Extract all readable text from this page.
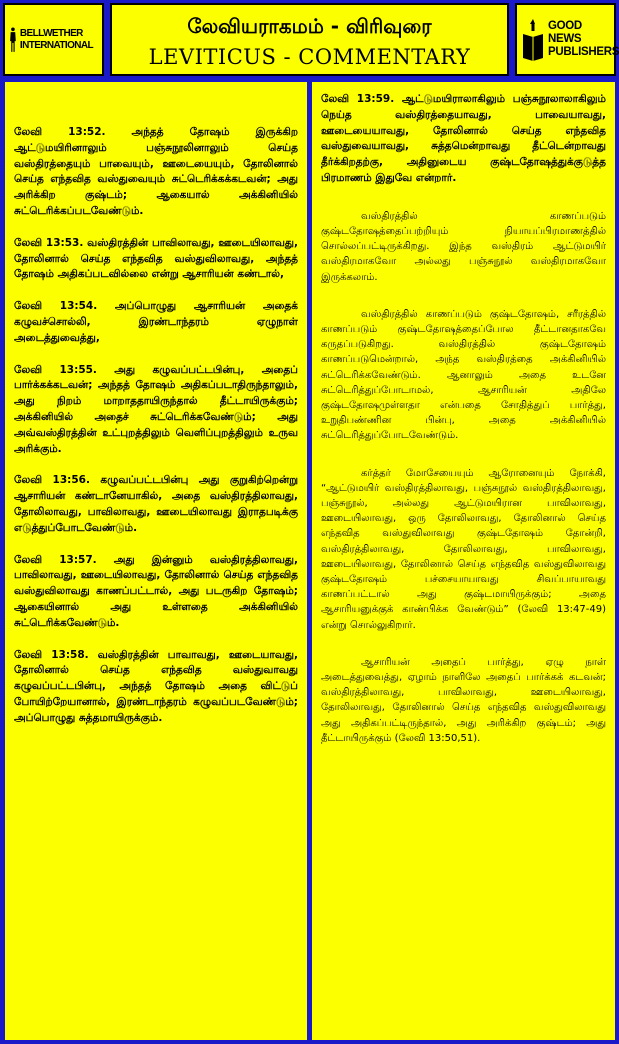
BELLWETHER INTERNATIONAL
லேவியராகமம் - விரிவுரை
LEVITICUS - COMMENTARY
GOOD NEWS PUBLISHERS

லேவி 13:52. அந்தத் தோஷம் இருக்கிற ஆட்டுமயிரினாலும் பஞ்சுநூலினாலும் செய்த வஸ்திரத்தையும் பாவையும், ஊடையையும், தோலினால் செய்த எந்தவித வஸ்துவையும் சுட்டெரிக்கக்கடவன்; அது அரிக்கிற குஷ்டம்; ஆகையால் அக்கினியில் சுட்டெரிக்கப்படவேண்டும்.

லேவி 13:53. வஸ்திரத்தின் பாவிலாவது, ஊடையிலாவது, தோலினால் செய்த எந்தவித வஸ்துவிலாவது, அந்தத் தோஷம் அதிகப்படவில்லை என்று ஆசாரியன் கண்டால்,

லேவி 13:54. அப்பொழுது ஆசாரியன் அதைக் கழுவச்சொல்லி, இரண்டாந்தரம் ஏழுநாள் அடைத்துவைத்து,

லேவி 13:55. அது கழுவப்பட்டபின்பு, அதைப் பார்க்கக்கடவன்; அந்தத் தோஷம் அதிகப்படாதிருந்தாலும், அது நிறம் மாறாததாயிருந்தால் தீட்டாயிருக்கும்; அக்கினியில் அதைச் சுட்டெரிக்கவேண்டும்; அது அவ்வஸ்திரத்தின் உட்புறத்திலும் வெளிப்புறத்திலும் உருவ அரிக்கும்.

லேவி 13:56. கழுவப்பட்டபின்பு அது குறுகிற்றென்று ஆசாரியன் கண்டானேயாகில், அதை வஸ்திரத்திலாவது, தோலிலாவது, பாவிலாவது, ஊடையிலாவது இராதபடிக்கு எடுத்துப்போடவேண்டும்.

லேவி 13:57. அது இன்னும் வஸ்திரத்திலாவது, பாவிலாவது, ஊடையிலாவது, தோலினால் செய்த எந்தவித வஸ்துவிலாவது காணப்பட்டால், அது படருகிற தோஷம்; ஆகையினால் அது உள்ளதை அக்கினியில் சுட்டெரிக்கவேண்டும்.

லேவி 13:58. வஸ்திரத்தின் பாவாவது, ஊடையாவது, தோலினால் செய்த எந்தவித வஸ்துவாவது கழுவப்பட்டபின்பு, அந்தத் தோஷம் அதை விட்டுப் போயிற்றேயானால், இரண்டாந்தரம் கழுவப்படவேண்டும்; அப்பொழுது சுத்தமாயிருக்கும்.

லேவி 13:59. ஆட்டுமயிராலாகிலும் பஞ்சுநூலாலாகிலும் நெய்த வஸ்திரத்தையாவது, பாவையாவது, ஊடையையாவது, தோலினால் செய்த எந்தவித வஸ்துவையாவது, சுத்தமென்றாவது தீட்டென்றாவது தீர்க்கிறதற்கு, அதினுடைய குஷ்டதோஷத்துக்குடுத்த பிரமாணம் இதுவே என்றார்.

வஸ்திரத்தில் காணப்படும் குஷ்டதோஷத்தைப்பற்றியும் நியாயப்பிரமாணத்தில் சொல்லப்பட்டிருக்கிறது. இந்த வஸ்திரம் ஆட்டுமயிர் வஸ்திரமாகவோ அல்லது பஞ்சுநூல் வஸ்திரமாகவோ இருக்கலாம்.

வஸ்திரத்தில் காணப்படும் குஷ்டதோஷம், சரீரத்தில் காணப்படும் குஷ்டதோஷத்தைப்போல தீட்டானதாகவே கருதப்படுகிறது. வஸ்திரத்தில் குஷ்டதோஷம் காணப்படுமென்றால், அந்த வஸ்திரத்தை அக்கினியில் சுட்டெரிக்கவேண்டும். ஆனாலும் அதை உடனே சுட்டெரித்துப்போடாமல், ஆசாரியன் அதிலே குஷ்டதோஷமுள்ளதா என்பதை சோதித்துப் பார்த்து, உறுதிபண்ணின பின்பு, அதை அக்கினியில் சுட்டெரித்துப்போடவேண்டும்.

கர்த்தர் மோசேயையும் ஆரோனையும் நோக்கி, “ஆட்டுமயிர் வஸ்திரத்திலாவது, பஞ்சுநூல் வஸ்திரத்திலாவது, பஞ்சுநூல், அல்லது ஆட்டுமயிரான பாவிலாவது, ஊடையிலாவது, ஒரு தோலிலாவது, தோலினால் செய்த எந்தவித வஸ்துவிலாவது குஷ்டதோஷம் தோன்றி, வஸ்திரத்திலாவது, தோலிலாவது, பாவிலாவது, ஊடையிலாவது, தோலினால் செய்த எந்தவித வஸ்துவிலாவது குஷ்டதோஷம் பச்சையாயாவது சிவப்பாயாவது காணப்பட்டால் அது குஷ்டமாயிருக்கும்; அதை ஆசாரியனுக்குக் காண்பிக்க வேண்டும்” (லேவி 13:47-49) என்று சொல்லுகிறார்.

ஆசாரியன் அதைப் பார்த்து, ஏழு நாள் அடைத்துவைத்து, ஏழாம் நாளிலே அதைப் பார்க்கக் கடவன்; வஸ்திரத்திலாவது, பாவிலாவது, ஊடையிலாவது, தோலிலாவது, தோலினால் செய்த எந்தவித வஸ்துவிலாவது அது அதிகப்பட்டிருந்தால், அது அரிக்கிற குஷ்டம்; அது தீட்டாயிருக்கும் (லேவி 13:50,51).
